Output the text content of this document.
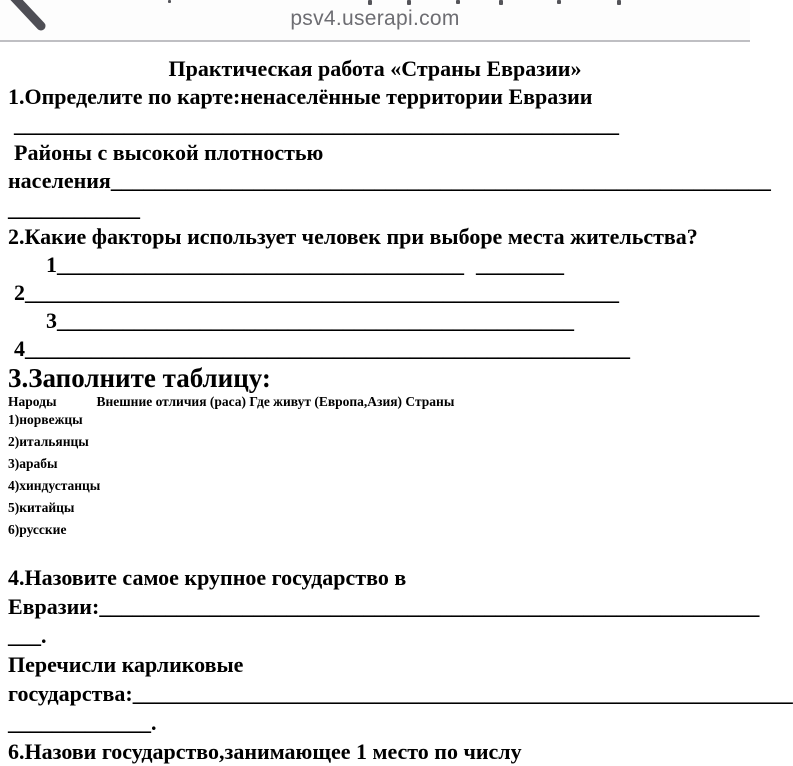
psv4.userapi.com
Практическая работа «Страны Евразии»
1.Определите по карте:ненаселённые территории Евразии
_______________________________________________________
Районы с высокой плотностью
населения____________________________________________________________
____________
2.Какие факторы использует человек при выборе места жительства?
1_____________________________________ ________
2______________________________________________________
3_______________________________________________
4_______________________________________________________
3.Заполните таблицу:
Народы	Внешние отличия (раса) Где живут (Европа,Азия) Страны
1)норвежцы
2)итальянцы
3)арабы
4)хиндустанцы
5)китайцы
6)русские
4.Назовите самое крупное государство в
Евразии:____________________________________________________________
___.
Перечисли карликовые
государства:____________________________________________________________
_____________.
6.Назови государство,занимающее 1 место по числу
